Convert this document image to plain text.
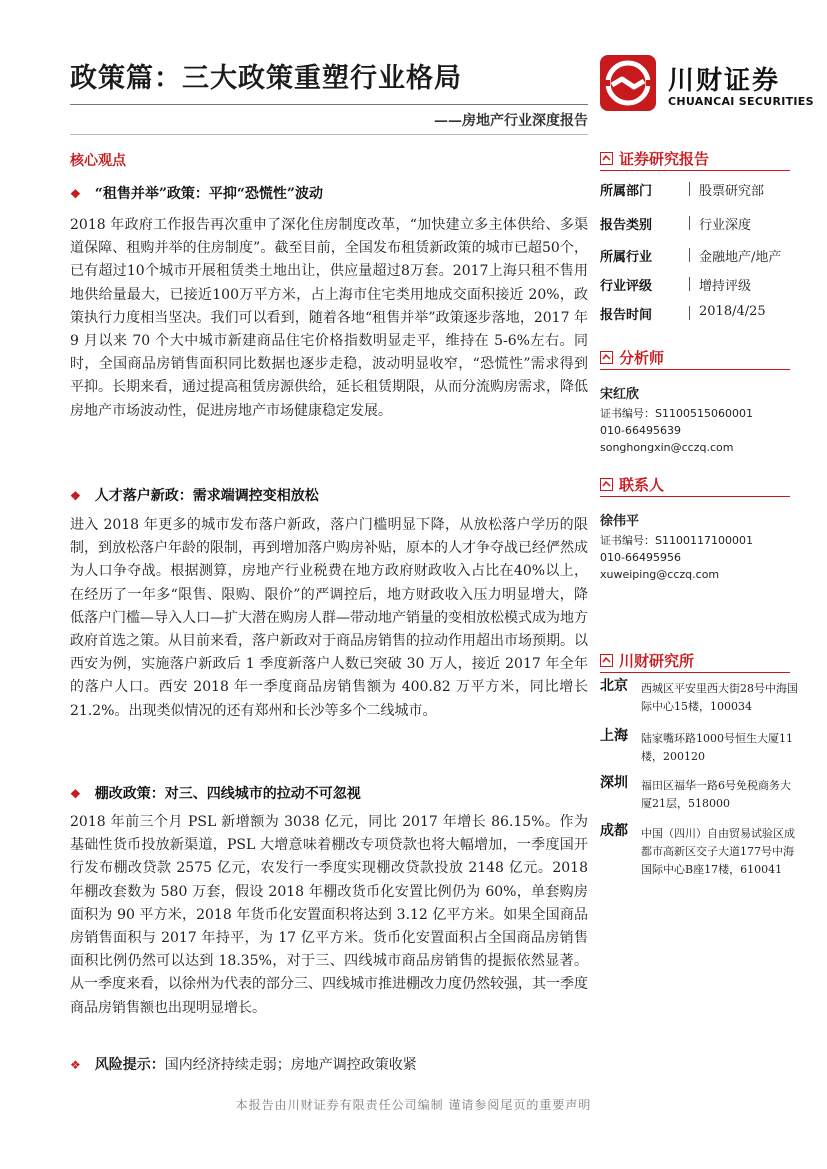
政策篇：三大政策重塑行业格局
——房地产行业深度报告
川财证券
CHUANCAI SECURITIES
核心观点
❖ “租售并举”政策：平抑“恐慌性”波动
2018 年政府工作报告再次重申了深化住房制度改革，“加快建立多主体供给、多渠道保障、租购并举的住房制度”。截至目前，全国发布租赁新政策的城市已超50个，已有超过10个城市开展租赁类土地出让，供应量超过8万套。2017上海只租不售用地供给量最大，已接近100万平方米，占上海市住宅类用地成交面积接近 20%，政策执行力度相当坚决。我们可以看到，随着各地“租售并举”政策逐步落地，2017 年 9 月以来 70 个大中城市新建商品住宅价格指数明显走平，维持在 5-6%左右。同时，全国商品房销售面积同比数据也逐步走稳，波动明显收窄，“恐慌性”需求得到平抑。长期来看，通过提高租赁房源供给，延长租赁期限，从而分流购房需求，降低房地产市场波动性，促进房地产市场健康稳定发展。
❖ 人才落户新政：需求端调控变相放松
进入 2018 年更多的城市发布落户新政，落户门槛明显下降，从放松落户学历的限制，到放松落户年龄的限制，再到增加落户购房补贴，原本的人才争夺战已经俨然成为人口争夺战。根据测算，房地产行业税费在地方政府财政收入占比在40%以上，在经历了一年多“限售、限购、限价”的严调控后，地方财政收入压力明显增大，降低落户门槛—导入人口—扩大潜在购房人群—带动地产销量的变相放松模式成为地方政府首选之策。从目前来看，落户新政对于商品房销售的拉动作用超出市场预期。以西安为例，实施落户新政后 1 季度新落户人数已突破 30 万人，接近 2017 年全年的落户人口。西安 2018 年一季度商品房销售额为 400.82 万平方米，同比增长 21.2%。出现类似情况的还有郑州和长沙等多个二线城市。
❖ 棚改政策：对三、四线城市的拉动不可忽视
2018 年前三个月 PSL 新增额为 3038 亿元，同比 2017 年增长 86.15%。作为基础性货币投放新渠道，PSL 大增意味着棚改专项贷款也将大幅增加，一季度国开行发布棚改贷款 2575 亿元，农发行一季度实现棚改贷款投放 2148 亿元。2018 年棚改套数为 580 万套，假设 2018 年棚改货币化安置比例仍为 60%，单套购房面积为 90 平方米，2018 年货币化安置面积将达到 3.12 亿平方米。如果全国商品房销售面积与 2017 年持平，为 17 亿平方米。货币化安置面积占全国商品房销售面积比例仍然可以达到 18.35%，对于三、四线城市商品房销售的提振依然显著。从一季度来看，以徐州为代表的部分三、四线城市推进棚改力度仍然较强，其一季度商品房销售额也出现明显增长。
❖ 风险提示：国内经济持续走弱；房地产调控政策收紧
证券研究报告
所属部门	股票研究部
报告类别	行业深度
所属行业	金融地产/地产
行业评级	增持评级
报告时间	2018/4/25
分析师
宋红欣
证书编号：S1100515060001
010-66495639
songhongxin@cczq.com
联系人
徐伟平
证书编号：S1100117100001
010-66495956
xuweiping@cczq.com
川财研究所
北京 西城区平安里西大街28号中海国际中心15楼，100034
上海 陆家嘴环路1000号恒生大厦11楼，200120
深圳 福田区福华一路6号免税商务大厦21层，518000
成都 中国（四川）自由贸易试验区成都市高新区交子大道177号中海国际中心B座17楼，610041
本报告由川财证券有限责任公司编制 谨请参阅尾页的重要声明
